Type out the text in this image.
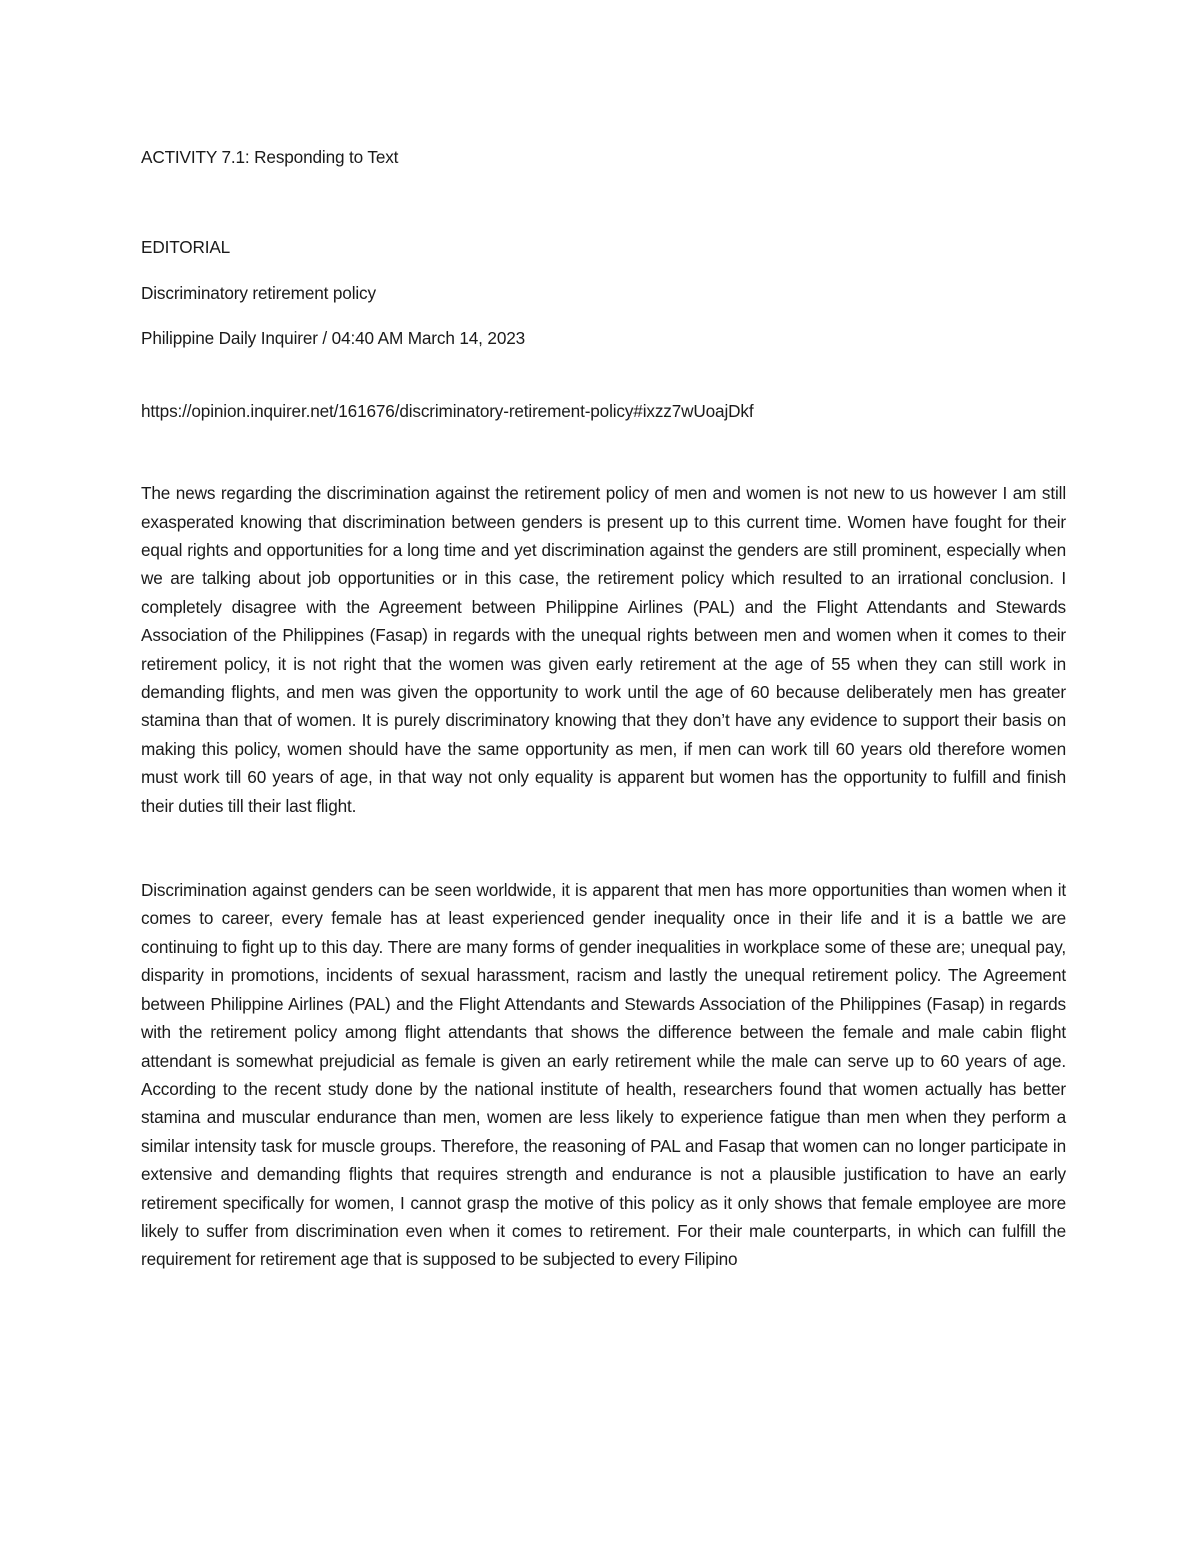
ACTIVITY 7.1: Responding to Text

EDITORIAL

Discriminatory retirement policy

Philippine Daily Inquirer / 04:40 AM March 14, 2023

https://opinion.inquirer.net/161676/discriminatory-retirement-policy#ixzz7wUoajDkf

The news regarding the discrimination against the retirement policy of men and women is not new to us however I am still exasperated knowing that discrimination between genders is present up to this current time. Women have fought for their equal rights and opportunities for a long time and yet discrimination against the genders are still prominent, especially when we are talking about job opportunities or in this case, the retirement policy which resulted to an irrational conclusion. I completely disagree with the Agreement between Philippine Airlines (PAL) and the Flight Attendants and Stewards Association of the Philippines (Fasap) in regards with the unequal rights between men and women when it comes to their retirement policy, it is not right that the women was given early retirement at the age of 55 when they can still work in demanding flights, and men was given the opportunity to work until the age of 60 because deliberately men has greater stamina than that of women. It is purely discriminatory knowing that they don’t have any evidence to support their basis on making this policy, women should have the same opportunity as men, if men can work till 60 years old therefore women must work till 60 years of age, in that way not only equality is apparent but women has the opportunity to fulfill and finish their duties till their last flight.

Discrimination against genders can be seen worldwide, it is apparent that men has more opportunities than women when it comes to career, every female has at least experienced gender inequality once in their life and it is a battle we are continuing to fight up to this day. There are many forms of gender inequalities in workplace some of these are; unequal pay, disparity in promotions, incidents of sexual harassment, racism and lastly the unequal retirement policy. The Agreement between Philippine Airlines (PAL) and the Flight Attendants and Stewards Association of the Philippines (Fasap) in regards with the retirement policy among flight attendants that shows the difference between the female and male cabin flight attendant is somewhat prejudicial as female is given an early retirement while the male can serve up to 60 years of age. According to the recent study done by the national institute of health, researchers found that women actually has better stamina and muscular endurance than men, women are less likely to experience fatigue than men when they perform a similar intensity task for muscle groups. Therefore, the reasoning of PAL and Fasap that women can no longer participate in extensive and demanding flights that requires strength and endurance is not a plausible justification to have an early retirement specifically for women, I cannot grasp the motive of this policy as it only shows that female employee are more likely to suffer from discrimination even when it comes to retirement. For their male counterparts, in which can fulfill the requirement for retirement age that is supposed to be subjected to every Filipino
